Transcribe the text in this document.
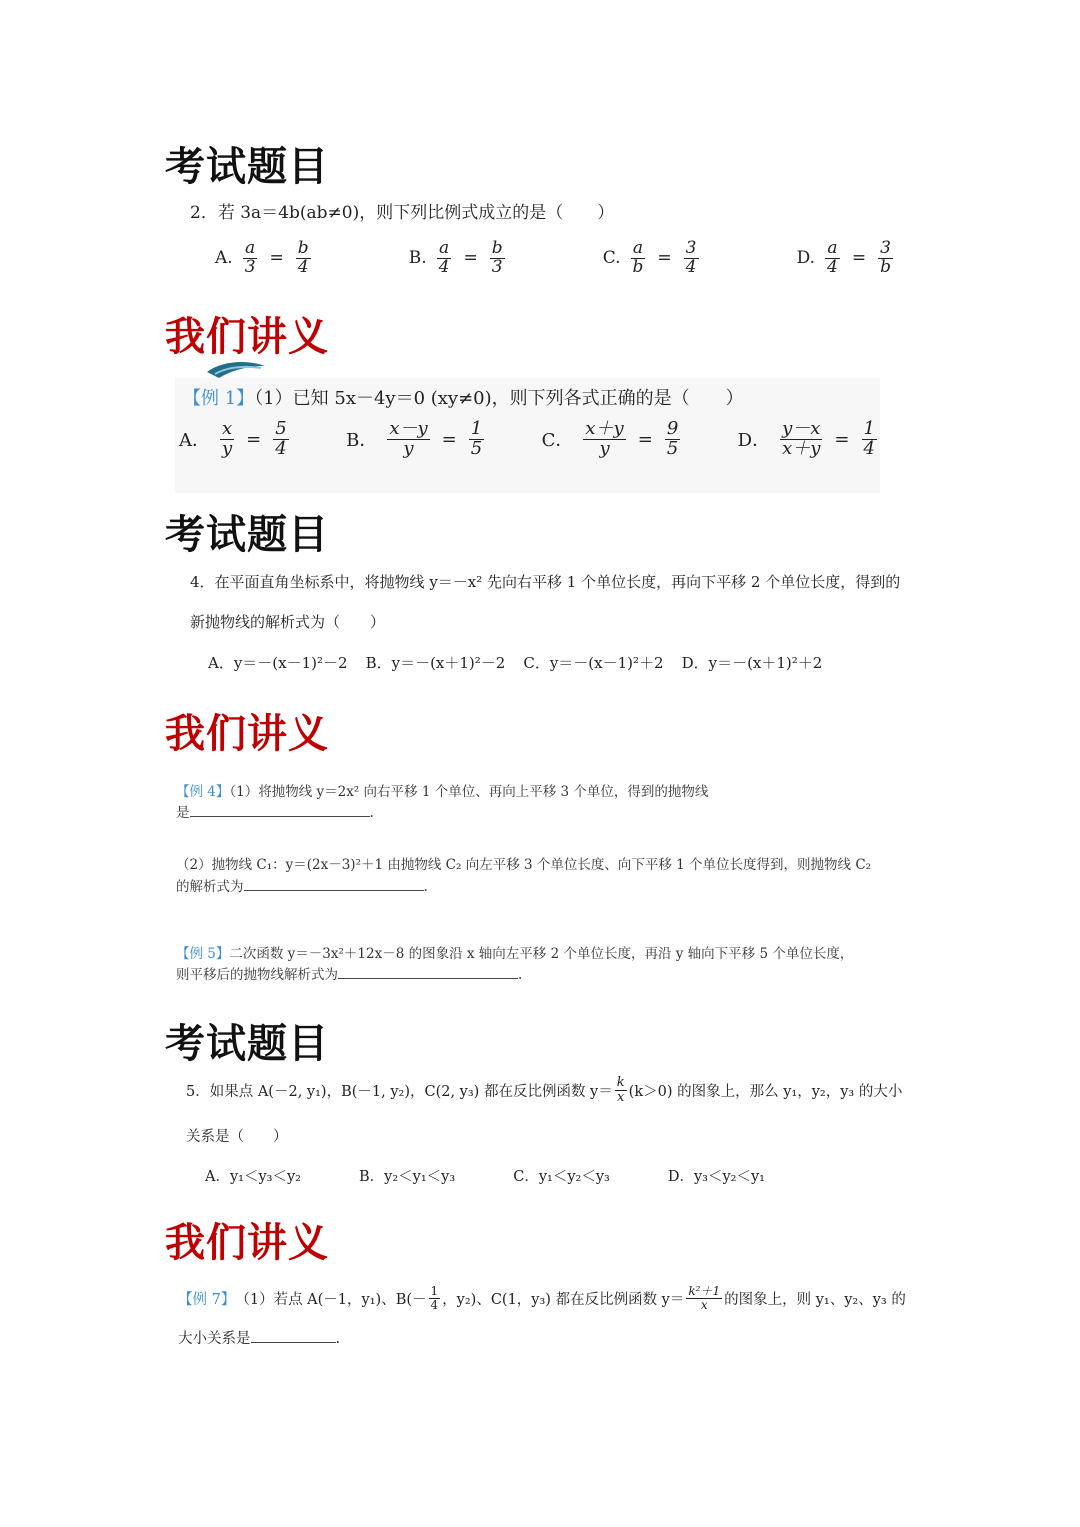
考试题目
2．若 3a＝4b(ab≠0)，则下列比例式成立的是（　　）
A. $\frac{a}{3} = \frac{b}{4}$	B. $\frac{a}{4} = \frac{b}{3}$	C. $\frac{a}{b} = \frac{3}{4}$	D. $\frac{a}{4} = \frac{3}{b}$
我们讲义
【例 1】（1）已知 5x－4y＝0 (xy≠0)，则下列各式正确的是（　　）
A． $\frac{x}{y} = \frac{5}{4}$	B． $\frac{x-y}{y} = \frac{1}{5}$	C． $\frac{x+y}{y} = \frac{9}{5}$	D． $\frac{y-x}{x+y} = \frac{1}{4}$
考试题目
4．在平面直角坐标系中，将抛物线 y＝－x² 先向右平移 1 个单位长度，再向下平移 2 个单位长度，得到的
新抛物线的解析式为（　　）
A．y＝－(x－1)²－2 B．y＝－(x＋1)²－2 C．y＝－(x－1)²＋2 D．y＝－(x＋1)²＋2
我们讲义
【例 4】（1）将抛物线 y＝2x² 向右平移 1 个单位、再向上平移 3 个单位，得到的抛物线
是	.
（2）抛物线 C₁：y＝(2x－3)²＋1 由抛物线 C₂ 向左平移 3 个单位长度、向下平移 1 个单位长度得到，则抛物线 C₂
的解析式为	.
【例 5】二次函数 y＝－3x²＋12x－8 的图象沿 x 轴向左平移 2 个单位长度，再沿 y 轴向下平移 5 个单位长度，
则平移后的抛物线解析式为	.
考试题目
5．如果点 A(－2, y₁)，B(－1, y₂)，C(2, y₃) 都在反比例函数 $y= \frac{k}{x} (k>0)$ 的图象上，那么 y₁，y₂，y₃ 的大小
关系是（　　）
A．y₁＜y₃＜y₂	B．y₂＜y₁＜y₃	C．y₁＜y₂＜y₃	D．y₃＜y₂＜y₁
我们讲义
【例 7】 （1）若点 A(－1，y₁)、$B(- \frac{1}{4}$ ，y₂)、C(1，y₃) 都在反比例函数 $y= \frac{\text{k²＋1}}{x}$ 的图象上，则 y₁、y₂、y₃ 的
大小关系是	.
